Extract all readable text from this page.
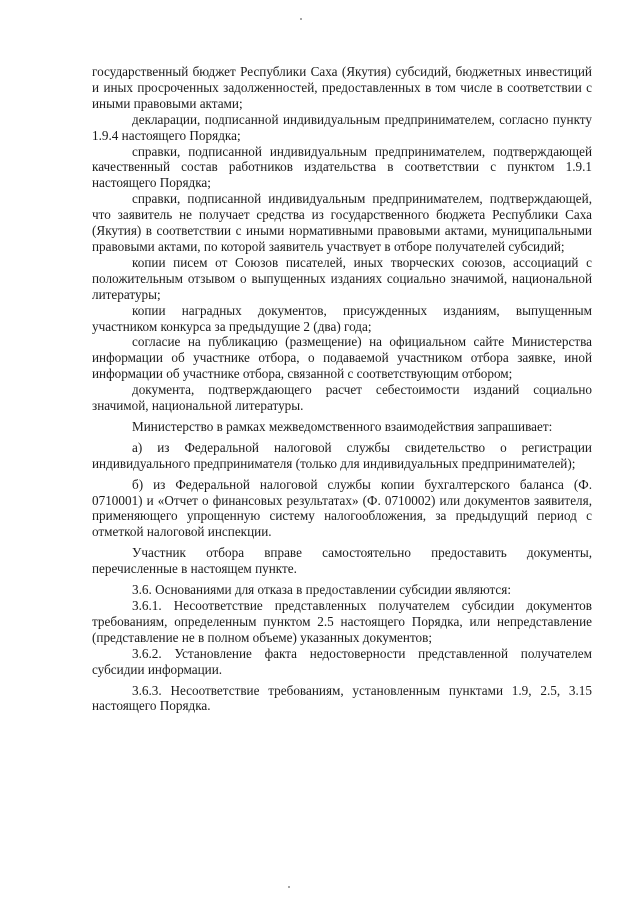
государственный бюджет Республики Саха (Якутия) субсидий, бюджетных инвестиций и иных просроченных задолженностей, предоставленных в том числе в соответствии с иными правовыми актами;

декларации, подписанной индивидуальным предпринимателем, согласно пункту 1.9.4 настоящего Порядка;

справки, подписанной индивидуальным предпринимателем, подтверждающей качественный состав работников издательства в соответствии с пунктом 1.9.1 настоящего Порядка;

справки, подписанной индивидуальным предпринимателем, подтверждающей, что заявитель не получает средства из государственного бюджета Республики Саха (Якутия) в соответствии с иными нормативными правовыми актами, муниципальными правовыми актами, по которой заявитель участвует в отборе получателей субсидий;

копии писем от Союзов писателей, иных творческих союзов, ассоциаций с положительным отзывом о выпущенных изданиях социально значимой, национальной литературы;

копии наградных документов, присужденных изданиям, выпущенным участником конкурса за предыдущие 2 (два) года;

согласие на публикацию (размещение) на официальном сайте Министерства информации об участнике отбора, о подаваемой участником отбора заявке, иной информации об участнике отбора, связанной с соответствующим отбором;

документа, подтверждающего расчет себестоимости изданий социально значимой, национальной литературы.

Министерство в рамках межведомственного взаимодействия запрашивает:

а) из Федеральной налоговой службы свидетельство о регистрации индивидуального предпринимателя (только для индивидуальных предпринимателей);

б) из Федеральной налоговой службы копии бухгалтерского баланса (Ф. 0710001) и «Отчет о финансовых результатах» (Ф. 0710002) или документов заявителя, применяющего упрощенную систему налогообложения, за предыдущий период с отметкой налоговой инспекции.

Участник отбора вправе самостоятельно предоставить документы, перечисленные в настоящем пункте.

3.6. Основаниями для отказа в предоставлении субсидии являются:

3.6.1. Несоответствие представленных получателем субсидии документов требованиям, определенным пунктом 2.5 настоящего Порядка, или непредставление (представление не в полном объеме) указанных документов;

3.6.2. Установление факта недостоверности представленной получателем субсидии информации.

3.6.3. Несоответствие требованиям, установленным пунктами 1.9, 2.5, 3.15 настоящего Порядка.
